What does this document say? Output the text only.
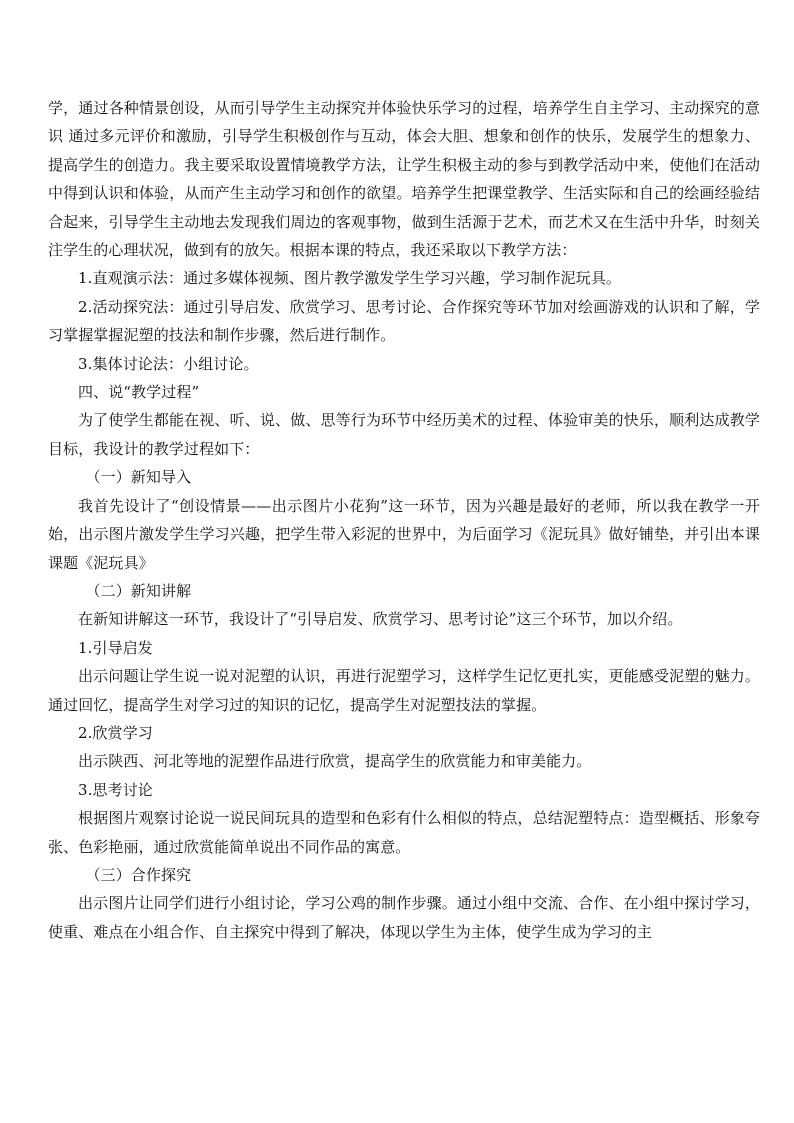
学，通过各种情景创设，从而引导学生主动探究并体验快乐学习的过程，培养学生自主学习、主动探究的意识 通过多元评价和激励，引导学生积极创作与互动，体会大胆、想象和创作的快乐，发展学生的想象力、提高学生的创造力。我主要采取设置情境教学方法，让学生积极主动的参与到教学活动中来，使他们在活动中得到认识和体验，从而产生主动学习和创作的欲望。培养学生把课堂教学、生活实际和自己的绘画经验结合起来，引导学生主动地去发现我们周边的客观事物，做到生活源于艺术，而艺术又在生活中升华，时刻关注学生的心理状况，做到有的放矢。根据本课的特点，我还采取以下教学方法：

1.直观演示法：通过多媒体视频、图片教学激发学生学习兴趣，学习制作泥玩具。

2.活动探究法：通过引导启发、欣赏学习、思考讨论、合作探究等环节加对绘画游戏的认识和了解，学习掌握掌握泥塑的技法和制作步骤，然后进行制作。

3.集体讨论法：小组讨论。

四、说“教学过程”

为了使学生都能在视、听、说、做、思等行为环节中经历美术的过程、体验审美的快乐，顺利达成教学目标，我设计的教学过程如下：

（一）新知导入

我首先设计了“创设情景——出示图片小花狗”这一环节，因为兴趣是最好的老师，所以我在教学一开始，出示图片激发学生学习兴趣，把学生带入彩泥的世界中，为后面学习《泥玩具》做好铺垫，并引出本课课题《泥玩具》

（二）新知讲解

在新知讲解这一环节，我设计了“引导启发、欣赏学习、思考讨论”这三个环节，加以介绍。

1.引导启发

出示问题让学生说一说对泥塑的认识，再进行泥塑学习，这样学生记忆更扎实，更能感受泥塑的魅力。通过回忆，提高学生对学习过的知识的记忆，提高学生对泥塑技法的掌握。

2.欣赏学习

出示陕西、河北等地的泥塑作品进行欣赏，提高学生的欣赏能力和审美能力。

3.思考讨论

根据图片观察讨论说一说民间玩具的造型和色彩有什么相似的特点，总结泥塑特点：造型概括、形象夸张、色彩艳丽，通过欣赏能简单说出不同作品的寓意。

（三）合作探究

出示图片让同学们进行小组讨论，学习公鸡的制作步骤。通过小组中交流、合作、在小组中探讨学习，使重、难点在小组合作、自主探究中得到了解决，体现以学生为主体，使学生成为学习的主
